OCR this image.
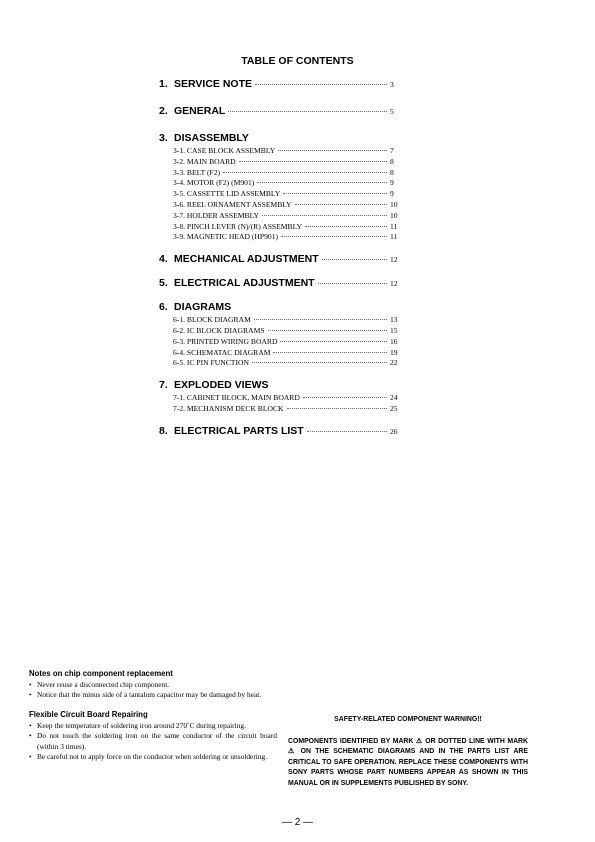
TABLE OF CONTENTS
1. SERVICE NOTE	3
2. GENERAL	5
3. DISASSEMBLY
3-1. CASE BLOCK ASSEMBLY	7
3-2. MAIN BOARD	8
3-3. BELT (F2)	8
3-4. MOTOR (F2) (M901)	9
3-5. CASSETTE LID ASSEMBLY	9
3-6. REEL ORNAMENT ASSEMBLY	10
3-7. HOLDER ASSEMBLY	10
3-8. PINCH LEVER (N)/(R) ASSEMBLY	11
3-9. MAGNETIC HEAD (HP901)	11
4. MECHANICAL ADJUSTMENT	12
5. ELECTRICAL ADJUSTMENT	12
6. DIAGRAMS
6-1. BLOCK DIAGRAM	13
6-2. IC BLOCK DIAGRAMS	15
6-3. PRINTED WIRING BOARD	16
6-4. SCHEMATAC DIAGRAM	19
6-5. IC PIN FUNCTION	22
7. EXPLODED VIEWS
7-1. CABINET BLOCK, MAIN BOARD	24
7-2. MECHANISM DECK BLOCK	25
8. ELECTRICAL PARTS LIST	26
Notes on chip component replacement
• Never reuse a disconnected chip component.
• Notice that the minus side of a tantalum capacitor may be damaged by heat.
Flexible Circuit Board Repairing
• Keep the temperature of soldering iron around 270˚C during repairing.
• Do not touch the soldering iron on the same conductor of the circuit board (within 3 times).
• Be careful not to apply force on the conductor when soldering or unsoldering.
SAFETY-RELATED COMPONENT WARNING!!
COMPONENTS IDENTIFIED BY MARK ⚠ OR DOTTED LINE WITH MARK ⚠ ON THE SCHEMATIC DIAGRAMS AND IN THE PARTS LIST ARE CRITICAL TO SAFE OPERATION. REPLACE THESE COMPONENTS WITH SONY PARTS WHOSE PART NUMBERS APPEAR AS SHOWN IN THIS MANUAL OR IN SUPPLEMENTS PUBLISHED BY SONY.
— 2 —
